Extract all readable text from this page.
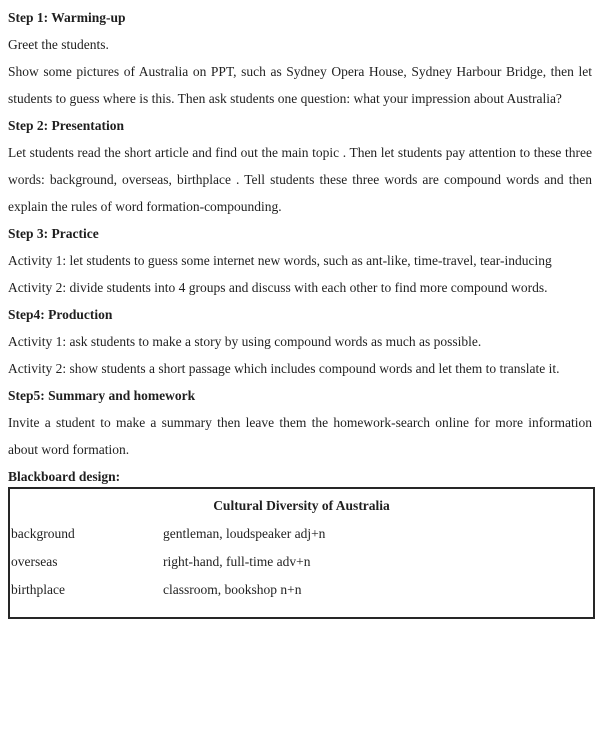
Step 1: Warming-up

Greet the students.

Show some pictures of Australia on PPT, such as Sydney Opera House, Sydney Harbour Bridge, then let students to guess where is this. Then ask students one question: what your impression about Australia?

Step 2: Presentation

Let students read the short article and find out the main topic . Then let students pay attention to these three words: background, overseas, birthplace . Tell students these three words are compound words and then explain the rules of word formation-compounding.

Step 3: Practice

Activity 1: let students to guess some internet new words, such as ant-like, time-travel, tear-inducing

Activity 2: divide students into 4 groups and discuss with each other to find more compound words.

Step4: Production

Activity 1: ask students to make a story by using compound words as much as possible.

Activity 2: show students a short passage which includes compound words and let them to translate it.

Step5: Summary and homework

Invite a student to make a summary then leave them the homework-search online for more information about word formation.

Blackboard design:

Cultural Diversity of Australia

background	gentleman, loudspeaker adj+n

overseas	right-hand, full-time adv+n

birthplace	classroom, bookshop n+n
